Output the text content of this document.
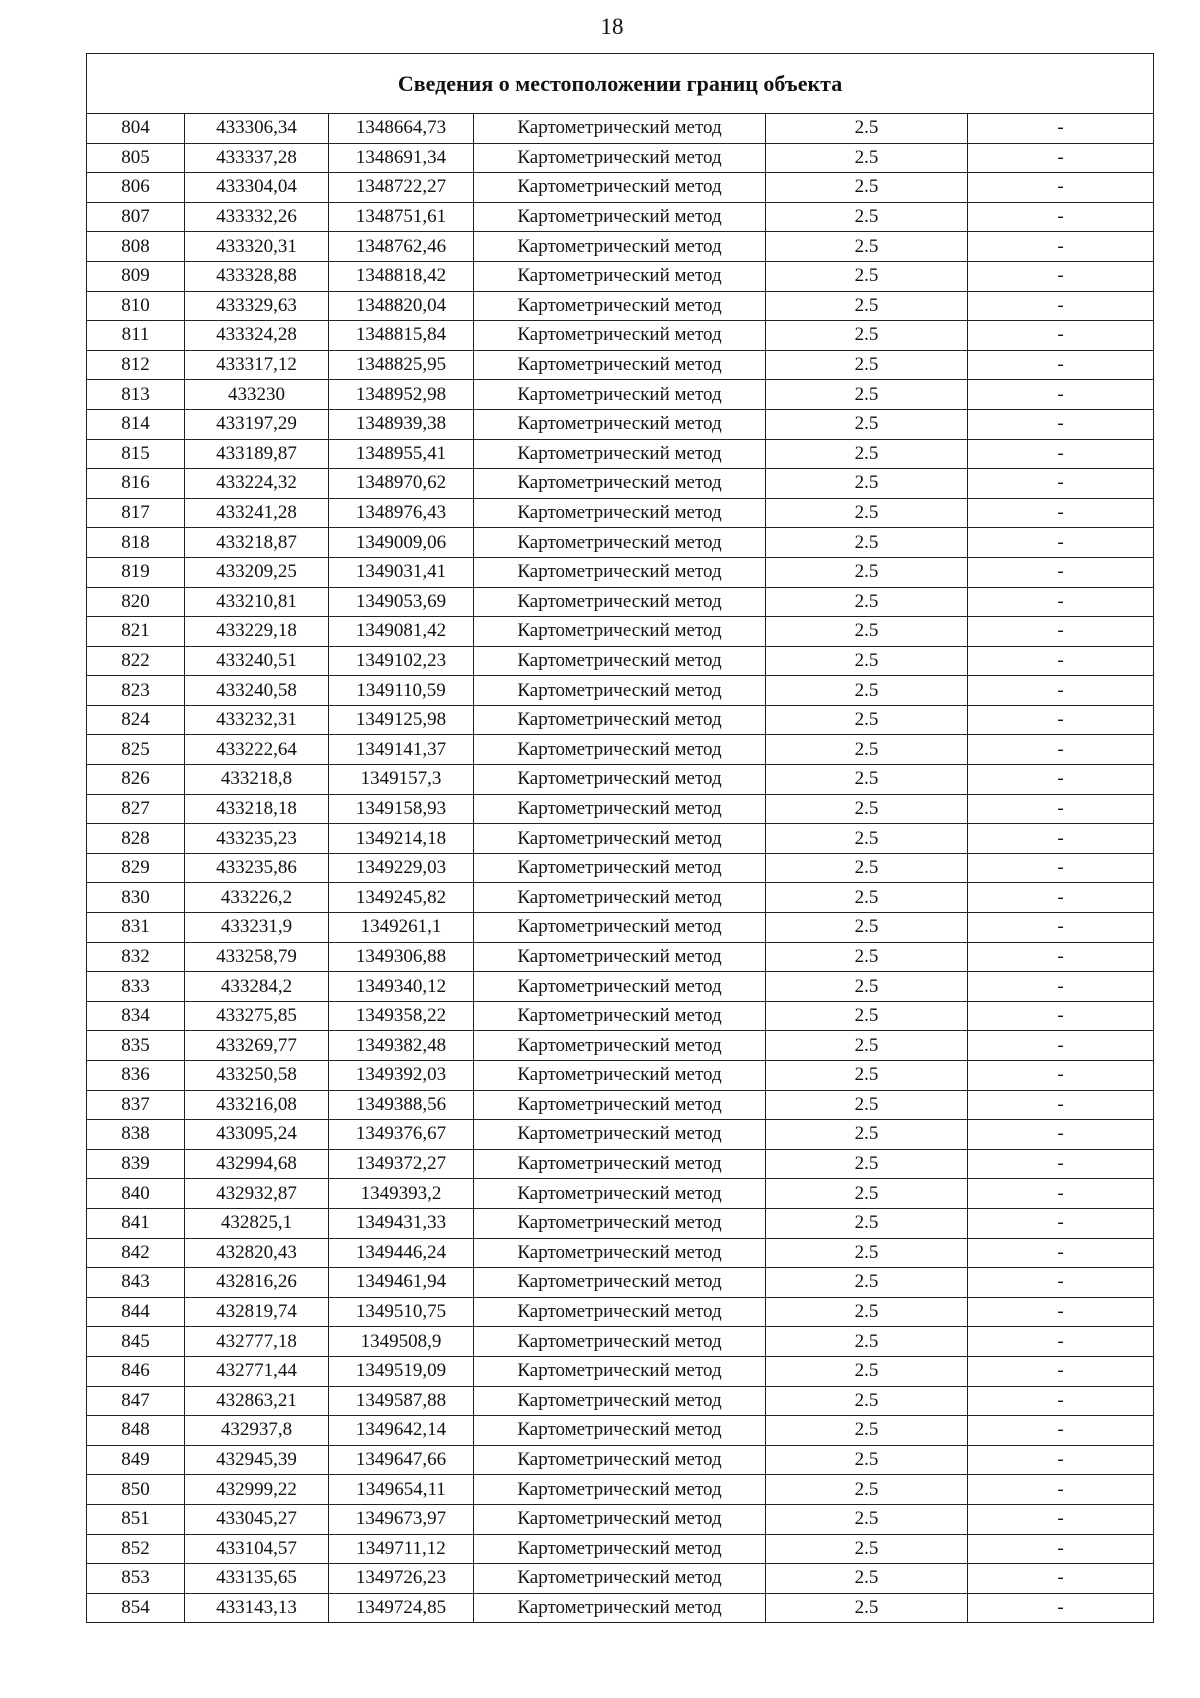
18
Сведения о местоположении границ объекта					
804	433306,34	1348664,73	Картометрический метод	2.5	-
805	433337,28	1348691,34	Картометрический метод	2.5	-
806	433304,04	1348722,27	Картометрический метод	2.5	-
807	433332,26	1348751,61	Картометрический метод	2.5	-
808	433320,31	1348762,46	Картометрический метод	2.5	-
809	433328,88	1348818,42	Картометрический метод	2.5	-
810	433329,63	1348820,04	Картометрический метод	2.5	-
811	433324,28	1348815,84	Картометрический метод	2.5	-
812	433317,12	1348825,95	Картометрический метод	2.5	-
813	433230	1348952,98	Картометрический метод	2.5	-
814	433197,29	1348939,38	Картометрический метод	2.5	-
815	433189,87	1348955,41	Картометрический метод	2.5	-
816	433224,32	1348970,62	Картометрический метод	2.5	-
817	433241,28	1348976,43	Картометрический метод	2.5	-
818	433218,87	1349009,06	Картометрический метод	2.5	-
819	433209,25	1349031,41	Картометрический метод	2.5	-
820	433210,81	1349053,69	Картометрический метод	2.5	-
821	433229,18	1349081,42	Картометрический метод	2.5	-
822	433240,51	1349102,23	Картометрический метод	2.5	-
823	433240,58	1349110,59	Картометрический метод	2.5	-
824	433232,31	1349125,98	Картометрический метод	2.5	-
825	433222,64	1349141,37	Картометрический метод	2.5	-
826	433218,8	1349157,3	Картометрический метод	2.5	-
827	433218,18	1349158,93	Картометрический метод	2.5	-
828	433235,23	1349214,18	Картометрический метод	2.5	-
829	433235,86	1349229,03	Картометрический метод	2.5	-
830	433226,2	1349245,82	Картометрический метод	2.5	-
831	433231,9	1349261,1	Картометрический метод	2.5	-
832	433258,79	1349306,88	Картометрический метод	2.5	-
833	433284,2	1349340,12	Картометрический метод	2.5	-
834	433275,85	1349358,22	Картометрический метод	2.5	-
835	433269,77	1349382,48	Картометрический метод	2.5	-
836	433250,58	1349392,03	Картометрический метод	2.5	-
837	433216,08	1349388,56	Картометрический метод	2.5	-
838	433095,24	1349376,67	Картометрический метод	2.5	-
839	432994,68	1349372,27	Картометрический метод	2.5	-
840	432932,87	1349393,2	Картометрический метод	2.5	-
841	432825,1	1349431,33	Картометрический метод	2.5	-
842	432820,43	1349446,24	Картометрический метод	2.5	-
843	432816,26	1349461,94	Картометрический метод	2.5	-
844	432819,74	1349510,75	Картометрический метод	2.5	-
845	432777,18	1349508,9	Картометрический метод	2.5	-
846	432771,44	1349519,09	Картометрический метод	2.5	-
847	432863,21	1349587,88	Картометрический метод	2.5	-
848	432937,8	1349642,14	Картометрический метод	2.5	-
849	432945,39	1349647,66	Картометрический метод	2.5	-
850	432999,22	1349654,11	Картометрический метод	2.5	-
851	433045,27	1349673,97	Картометрический метод	2.5	-
852	433104,57	1349711,12	Картометрический метод	2.5	-
853	433135,65	1349726,23	Картометрический метод	2.5	-
854	433143,13	1349724,85	Картометрический метод	2.5	-
